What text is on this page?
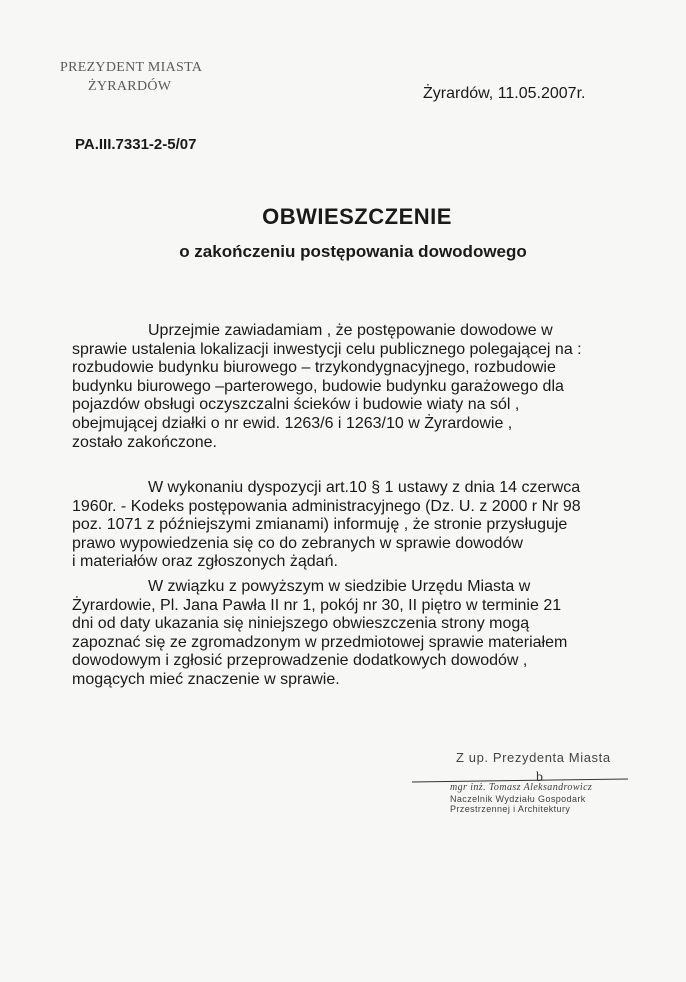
PREZYDENT MIASTA
ŻYRARDÓW	Żyrardów, 11.05.2007r.
PA.III.7331-2-5/07
OBWIESZCZENIE
o zakończeniu postępowania dowodowego
Uprzejmie zawiadamiam , że postępowanie dowodowe w
sprawie ustalenia lokalizacji inwestycji celu publicznego polegającej na :
rozbudowie budynku biurowego – trzykondygnacyjnego, rozbudowie
budynku biurowego –parterowego, budowie budynku garażowego dla
pojazdów obsługi oczyszczalni ścieków i budowie wiaty na sól ,
obejmującej działki o nr ewid. 1263/6 i 1263/10 w Żyrardowie ,
zostało zakończone.
W wykonaniu dyspozycji art.10 § 1 ustawy z dnia 14 czerwca
1960r. - Kodeks postępowania administracyjnego (Dz. U. z 2000 r Nr 98
poz. 1071 z późniejszymi zmianami) informuję , że stronie przysługuje
prawo wypowiedzenia się co do zebranych w sprawie dowodów
i materiałów oraz zgłoszonych żądań.
W związku z powyższym w siedzibie Urzędu Miasta w
Żyrardowie, Pl. Jana Pawła II nr 1, pokój nr 30, II piętro w terminie 21
dni od daty ukazania się niniejszego obwieszczenia strony mogą
zapoznać się ze zgromadzonym w przedmiotowej sprawie materiałem
dowodowym i zgłosić przeprowadzenie dodatkowych dowodów ,
mogących mieć znaczenie w sprawie.
Z up. Prezydenta Miasta
b
mgr inż. Tomasz Aleksandrowicz
Naczelnik Wydziału Gospodark
Przestrzennej i Architektury
